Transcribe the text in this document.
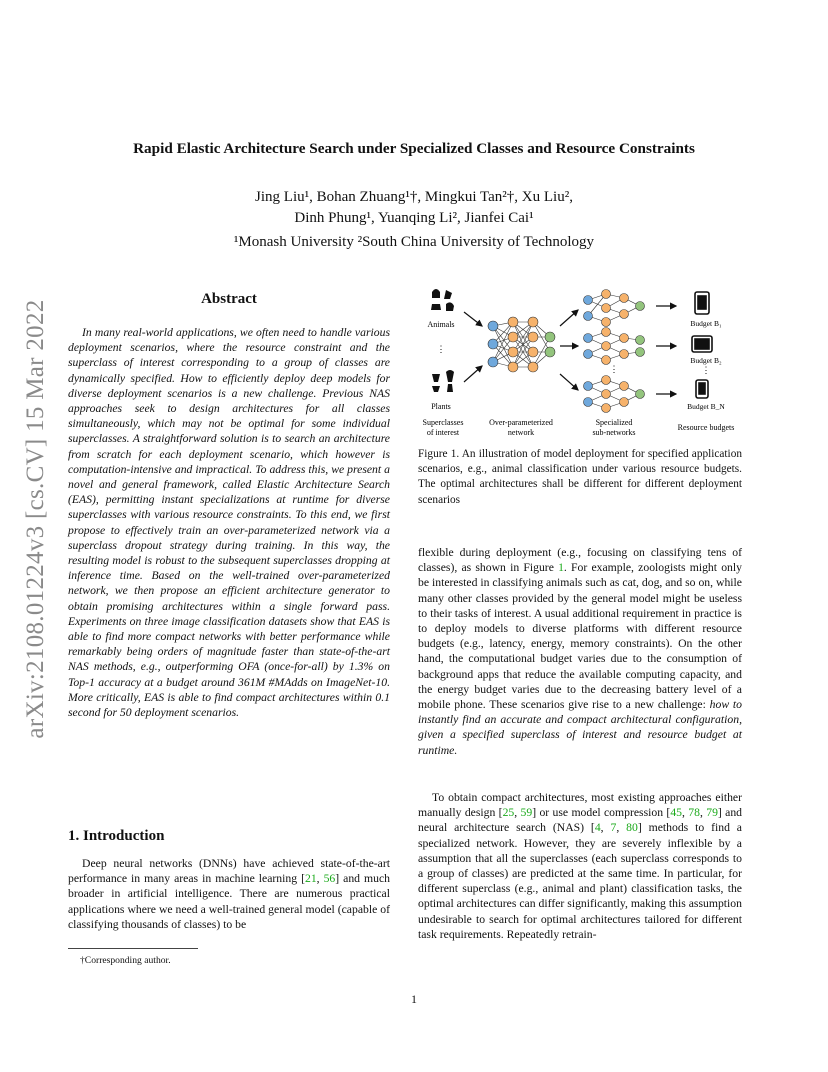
Rapid Elastic Architecture Search under Specialized Classes and Resource Constraints
Jing Liu¹, Bohan Zhuang¹†, Mingkui Tan²†, Xu Liu²,
Dinh Phung¹, Yuanqing Li², Jianfei Cai¹
¹Monash University ²South China University of Technology
arXiv:2108.01224v3 [cs.CV] 15 Mar 2022
Abstract
In many real-world applications, we often need to handle various deployment scenarios, where the resource constraint and the superclass of interest corresponding to a group of classes are dynamically specified. How to efficiently deploy deep models for diverse deployment scenarios is a new challenge. Previous NAS approaches seek to design architectures for all classes simultaneously, which may not be optimal for some individual superclasses. A straightforward solution is to search an architecture from scratch for each deployment scenario, which however is computation-intensive and impractical. To address this, we present a novel and general framework, called Elastic Architecture Search (EAS), permitting instant specializations at runtime for diverse superclasses with various resource constraints. To this end, we first propose to effectively train an over-parameterized network via a superclass dropout strategy during training. In this way, the resulting model is robust to the subsequent superclasses dropping at inference time. Based on the well-trained over-parameterized network, we then propose an efficient architecture generator to obtain promising architectures within a single forward pass. Experiments on three image classification datasets show that EAS is able to find more compact networks with better performance while remarkably being orders of magnitude faster than state-of-the-art NAS methods, e.g., outperforming OFA (once-for-all) by 1.3% on Top-1 accuracy at a budget around 361M #MAdds on ImageNet-10. More critically, EAS is able to find compact architectures within 0.1 second for 50 deployment scenarios.
1. Introduction
Deep neural networks (DNNs) have achieved state-of-the-art performance in many areas in machine learning [21, 56] and much broader in artificial intelligence. There are numerous practical applications where we need a well-trained general model (capable of classifying thousands of classes) to be
†Corresponding author.
1
Animals
⋮
Plants
Superclasses
of interest
Over-parameterized
network
⋮
Specialized
sub-networks
Budget B₁
Budget B₂
⋮
Budget B_N
Resource budgets
Figure 1. An illustration of model deployment for specified application scenarios, e.g., animal classification under various resource budgets. The optimal architectures shall be different for different deployment scenarios
flexible during deployment (e.g., focusing on classifying tens of classes), as shown in Figure 1. For example, zoologists might only be interested in classifying animals such as cat, dog, and so on, while many other classes provided by the general model might be useless to their tasks of interest. A usual additional requirement in practice is to deploy models to diverse platforms with different resource budgets (e.g., latency, energy, memory constraints). On the other hand, the computational budget varies due to the consumption of background apps that reduce the available computing capacity, and the energy budget varies due to the decreasing battery level of a mobile phone. These scenarios give rise to a new challenge: how to instantly find an accurate and compact architectural configuration, given a specified superclass of interest and resource budget at runtime.
To obtain compact architectures, most existing approaches either manually design [25, 59] or use model compression [45, 78, 79] and neural architecture search (NAS) [4, 7, 80] methods to find a specialized network. However, they are severely inflexible by a assumption that all the superclasses (each superclass corresponds to a group of classes) are predicted at the same time. In particular, for different superclass (e.g., animal and plant) classification tasks, the optimal architectures can differ significantly, making this assumption undesirable to search for optimal architectures tailored for different task requirements. Repeatedly retrain-
